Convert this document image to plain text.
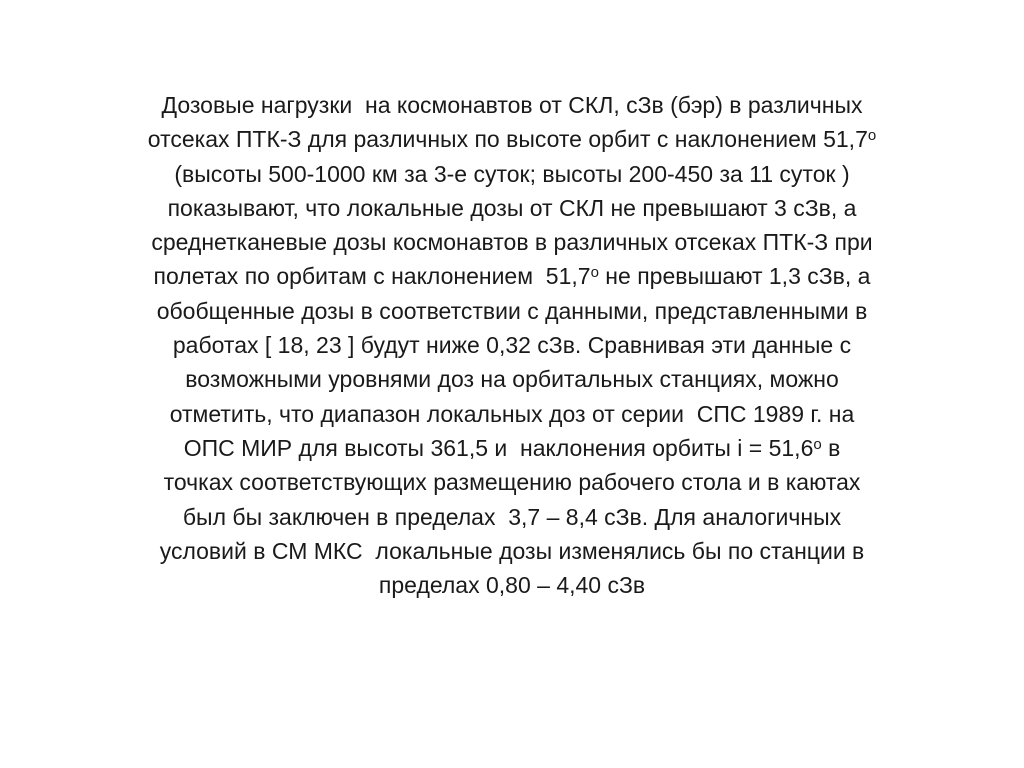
Дозовые нагрузки  на космонавтов от СКЛ, сЗв (бэр) в различных
отсеках ПТК-З для различных по высоте орбит с наклонением $51,7^о$
(высоты 500-1000 км за 3-е суток; высоты 200-450 за 11 суток )
показывают, что локальные дозы от СКЛ не превышают 3 сЗв, а
среднетканевые дозы космонавтов в различных отсеках ПТК-З при
полетах по орбитам с наклонением  $51,7^о$ не превышают 1,3 сЗв, а
обобщенные дозы в соответствии с данными, представленными в
работах [ 18, 23 ] будут ниже 0,32 сЗв. Сравнивая эти данные с
возможными уровнями доз на орбитальных станциях, можно
отметить, что диапазон локальных доз от серии  СПС 1989 г. на
ОПС МИР для высоты 361,5 и  наклонения орбиты $i = 51,6^о$ в
точках соответствующих размещению рабочего стола и в каютах
был бы заключен в пределах  3,7 – 8,4 сЗв. Для аналогичных
условий в СМ МКС  локальные дозы изменялись бы по станции в
пределах 0,80 – 4,40 сЗв
